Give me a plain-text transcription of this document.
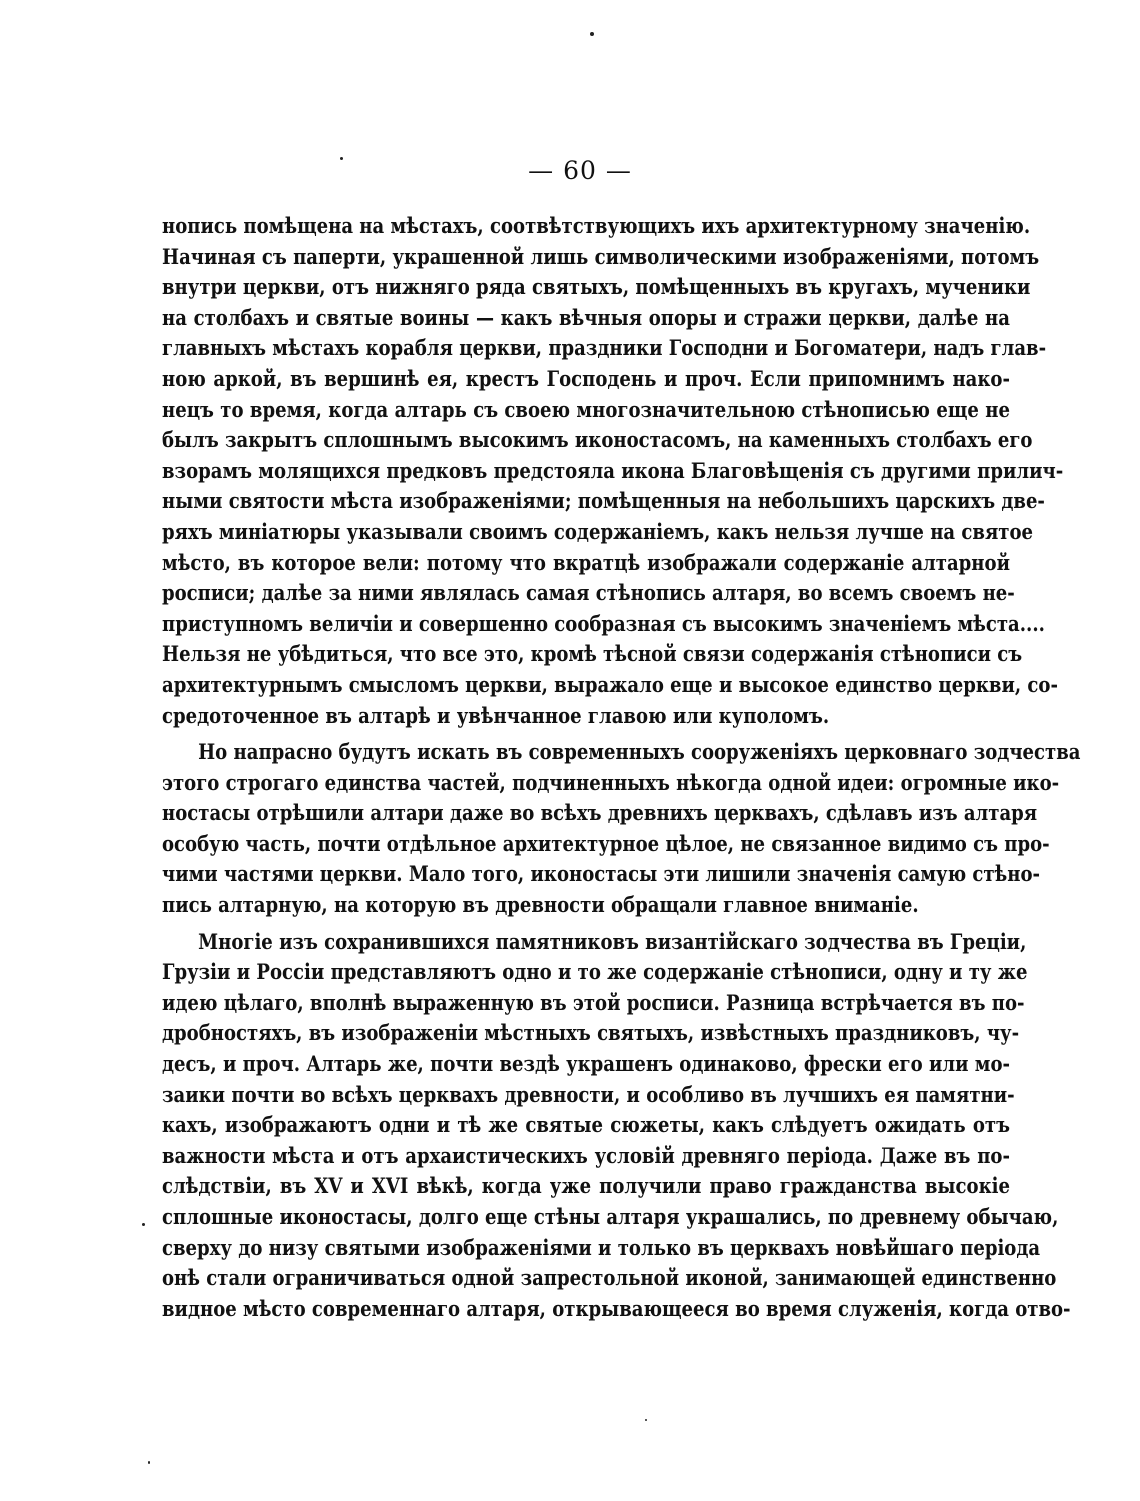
— 60 —
нопись помѣщена на мѣстахъ, соотвѣтствующихъ ихъ архитектурному значенію.
Начиная съ паперти, украшенной лишь символическими изображеніями, потомъ
внутри церкви, отъ нижняго ряда святыхъ, помѣщенныхъ въ кругахъ, мученики
на столбахъ и святые воины — какъ вѣчныя опоры и стражи церкви, далѣе на
главныхъ мѣстахъ корабля церкви, праздники Господни и Богоматери, надъ глав-
ною аркой, въ вершинѣ ея, крестъ Господень и проч. Если припомнимъ нако-
нецъ то время, когда алтарь съ своею многозначительною стѣнописью еще не
былъ закрытъ сплошнымъ высокимъ иконостасомъ, на каменныхъ столбахъ его
взорамъ молящихся предковъ предстояла икона Благовѣщенія съ другими прилич-
ными святости мѣста изображеніями; помѣщенныя на небольшихъ царскихъ две-
ряхъ миніатюры указывали своимъ содержаніемъ, какъ нельзя лучше на святое
мѣсто, въ которое вели: потому что вкратцѣ изображали содержаніе алтарной
росписи; далѣе за ними являлась самая стѣнопись алтаря, во всемъ своемъ не-
приступномъ величіи и совершенно сообразная съ высокимъ значеніемъ мѣста....
Нельзя не убѣдиться, что все это, кромѣ тѣсной связи содержанія стѣнописи съ
архитектурнымъ смысломъ церкви, выражало еще и высокое единство церкви, со-
средоточенное въ алтарѣ и увѣнчанное главою или куполомъ.
Но напрасно будутъ искать въ современныхъ сооруженіяхъ церковнаго зодчества
этого строгаго единства частей, подчиненныхъ нѣкогда одной идеи: огромные ико-
ностасы отрѣшили алтари даже во всѣхъ древнихъ церквахъ, сдѣлавъ изъ алтаря
особую часть, почти отдѣльное архитектурное цѣлое, не связанное видимо съ про-
чими частями церкви. Мало того, иконостасы эти лишили значенія самую стѣно-
пись алтарную, на которую въ древности обращали главное вниманіе.
Многіе изъ сохранившихся памятниковъ византійскаго зодчества въ Греціи,
Грузіи и Россіи представляютъ одно и то же содержаніе стѣнописи, одну и ту же
идею цѣлаго, вполнѣ выраженную въ этой росписи. Разница встрѣчается въ по-
дробностяхъ, въ изображеніи мѣстныхъ святыхъ, извѣстныхъ праздниковъ, чу-
десъ, и проч. Алтарь же, почти вездѣ украшенъ одинаково, фрески его или мо-
заики почти во всѣхъ церквахъ древности, и особливо въ лучшихъ ея памятни-
кахъ, изображаютъ одни и тѣ же святые сюжеты, какъ слѣдуетъ ожидать отъ
важности мѣста и отъ архаистическихъ условій древняго періода. Даже въ по-
слѣдствіи, въ XV и XVI вѣкѣ, когда уже получили право гражданства высокіе
сплошные иконостасы, долго еще стѣны алтаря украшались, по древнему обычаю,
сверху до низу святыми изображеніями и только въ церквахъ новѣйшаго періода
онѣ стали ограничиваться одной запрестольной иконой, занимающей единственно
видное мѣсто современнаго алтаря, открывающееся во время служенія, когда отво-
